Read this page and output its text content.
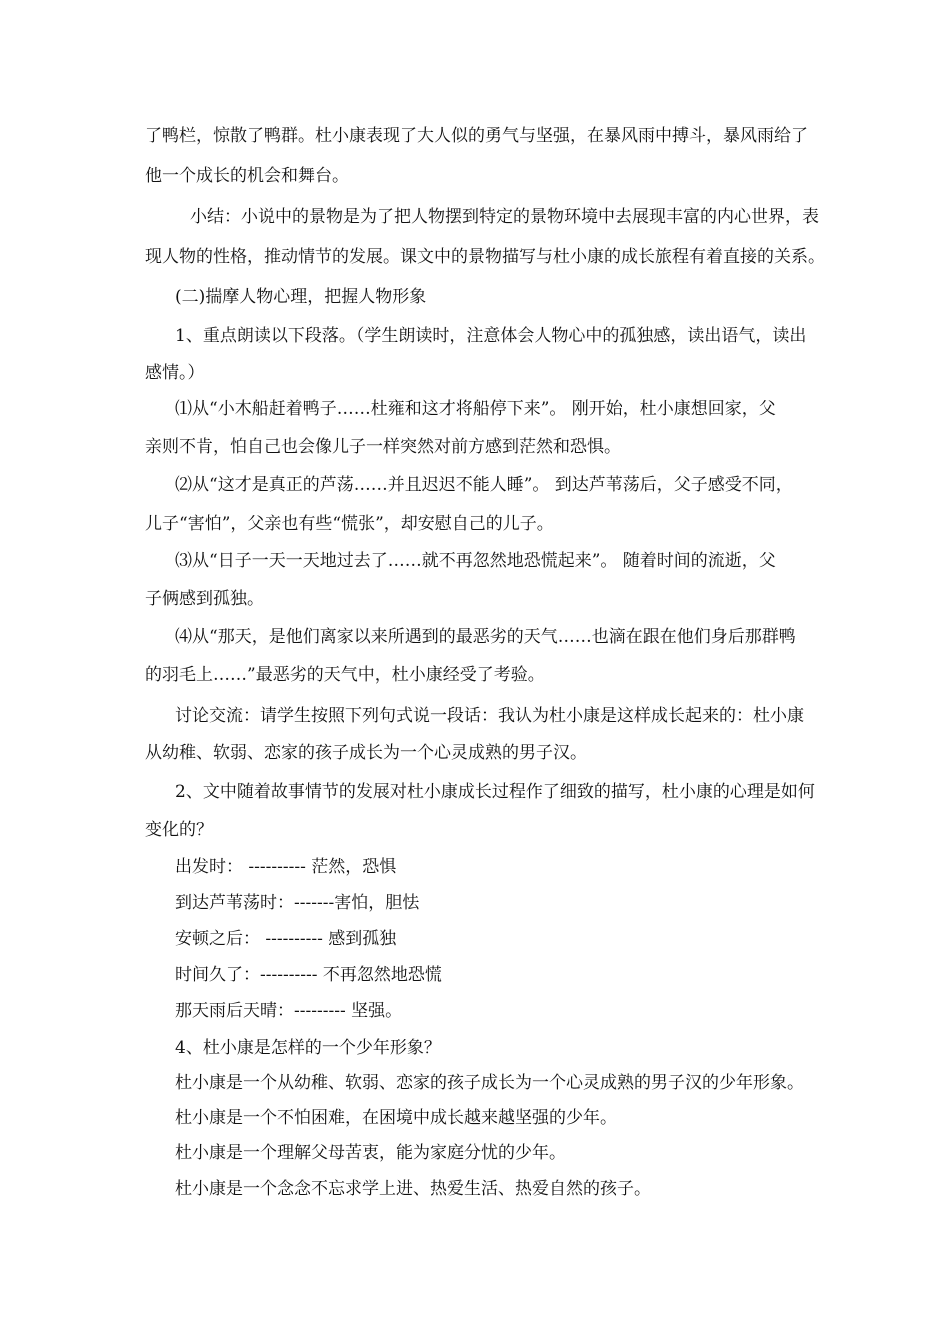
了鸭栏，惊散了鸭群。杜小康表现了大人似的勇气与坚强，在暴风雨中搏斗，暴风雨给了
他一个成长的机会和舞台。
小结：小说中的景物是为了把人物摆到特定的景物环境中去展现丰富的内心世界，表
现人物的性格，推动情节的发展。课文中的景物描写与杜小康的成长旅程有着直接的关系。
(二)揣摩人物心理，把握人物形象
1、重点朗读以下段落。（学生朗读时，注意体会人物心中的孤独感，读出语气，读出
感情。）
⑴从“小木船赶着鸭子……杜雍和这才将船停下来”。 刚开始，杜小康想回家，父
亲则不肯，怕自己也会像儿子一样突然对前方感到茫然和恐惧。
⑵从“这才是真正的芦荡……并且迟迟不能人睡”。 到达芦苇荡后，父子感受不同，
儿子“害怕”，父亲也有些“慌张”，却安慰自己的儿子。
⑶从“日子一天一天地过去了……就不再忽然地恐慌起来”。 随着时间的流逝，父
子俩感到孤独。
⑷从“那天，是他们离家以来所遇到的最恶劣的天气……也滴在跟在他们身后那群鸭
的羽毛上……”最恶劣的天气中，杜小康经受了考验。
讨论交流：请学生按照下列句式说一段话：我认为杜小康是这样成长起来的：杜小康
从幼稚、软弱、恋家的孩子成长为一个心灵成熟的男子汉。
2、文中随着故事情节的发展对杜小康成长过程作了细致的描写，杜小康的心理是如何
变化的？
出发时： ---------- 茫然，恐惧
到达芦苇荡时：-------害怕，胆怯
安顿之后： ---------- 感到孤独
时间久了：---------- 不再忽然地恐慌
那天雨后天晴：--------- 坚强。
4、杜小康是怎样的一个少年形象？
杜小康是一个从幼稚、软弱、恋家的孩子成长为一个心灵成熟的男子汉的少年形象。
杜小康是一个不怕困难，在困境中成长越来越坚强的少年。
杜小康是一个理解父母苦衷，能为家庭分忧的少年。
杜小康是一个念念不忘求学上进、热爱生活、热爱自然的孩子。
